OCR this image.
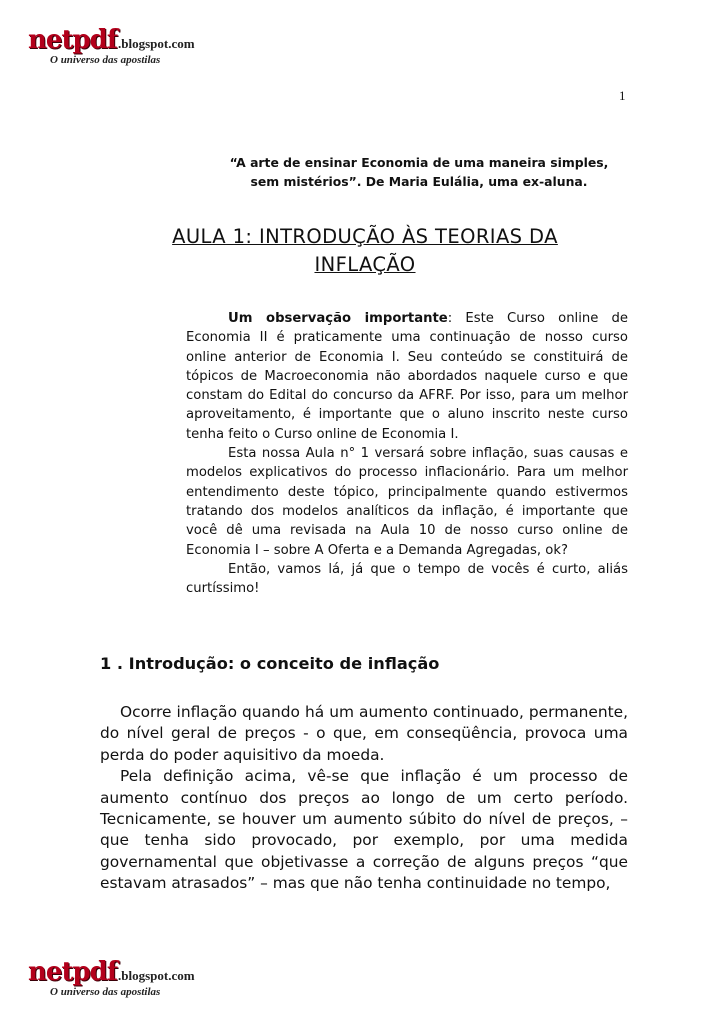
netpdf.blogspot.com
O universo das apostilas
1
“A arte de ensinar Economia de uma maneira simples,
sem mistérios”. De Maria Eulália, uma ex-aluna.
AULA 1: INTRODUÇÃO ÀS TEORIAS DA
INFLAÇÃO

Um observação importante: Este Curso online de Economia II é praticamente uma continuação de nosso curso online anterior de Economia I. Seu conteúdo se constituirá de tópicos de Macroeconomia não abordados naquele curso e que constam do Edital do concurso da AFRF. Por isso, para um melhor aproveitamento, é importante que o aluno inscrito neste curso tenha feito o Curso online de Economia I.

Esta nossa Aula n° 1 versará sobre inflação, suas causas e modelos explicativos do processo inflacionário. Para um melhor entendimento deste tópico, principalmente quando estivermos tratando dos modelos analíticos da inflação, é importante que você dê uma revisada na Aula 10 de nosso curso online de Economia I – sobre A Oferta e a Demanda Agregadas, ok?

Então, vamos lá, já que o tempo de vocês é curto, aliás curtíssimo!

1 . Introdução: o conceito de inflação

Ocorre inflação quando há um aumento continuado, permanente, do nível geral de preços - o que, em conseqüência, provoca uma perda do poder aquisitivo da moeda.

Pela definição acima, vê-se que inflação é um processo de aumento contínuo dos preços ao longo de um certo período. Tecnicamente, se houver um aumento súbito do nível de preços, – que tenha sido provocado, por exemplo, por uma medida governamental que objetivasse a correção de alguns preços “que estavam atrasados” – mas que não tenha continuidade no tempo,

netpdf.blogspot.com
O universo das apostilas
